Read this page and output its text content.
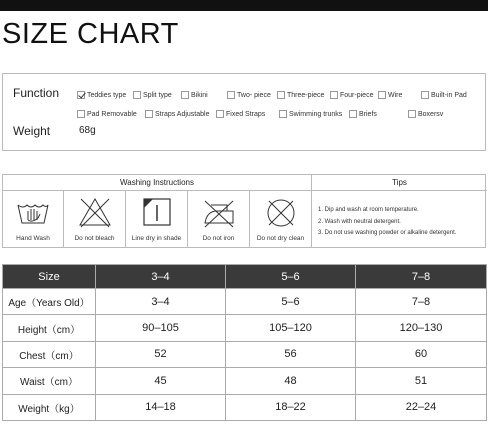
SIZE CHART
Function	Teddies type Split type	Bikini	Two- piece Three-piece Four-piece Wire	Built-in Pad
Pad Removable	Straps Adjustable Fixed Straps	Swimming trunks Briefs	Boxersv
Weight	68g
Washing Instructions	Tips
Hand Wash	Do not bleach	Line dry in shade	Do not iron	Do not dry clean
1. Dip and wash at room temperature.
2. Wash with neutral detergent.
3. Do not use washing powder or alkaline detergent.
Size	3–4	5–6	7–8
Age（Years Old）	3–4	5–6	7–8
Height（cm）	90–105	105–120	120–130
Chest（cm）	52	56	60
Waist（cm）	45	48	51
Weight（kg）	14–18	18–22	22–24
